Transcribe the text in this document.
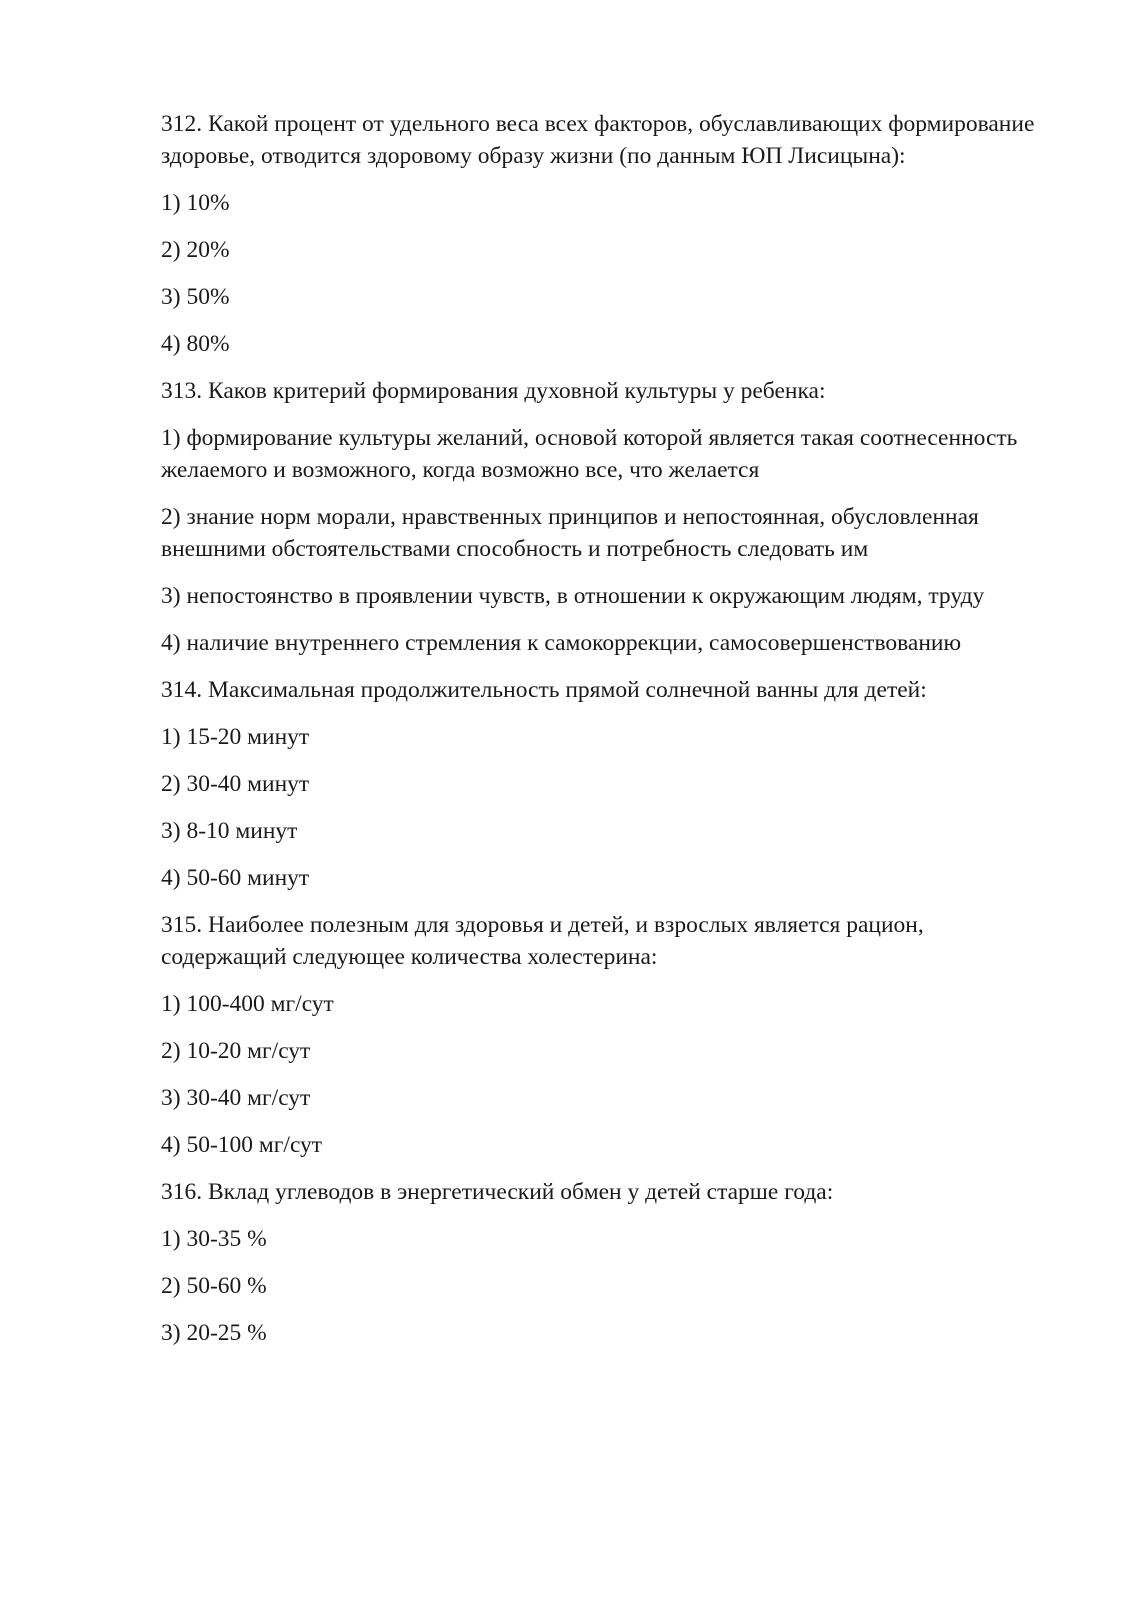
312. Какой процент от удельного веса всех факторов, обуславливающих формирование здоровье, отводится здоровому образу жизни (по данным ЮП Лисицына):

1) 10%

2) 20%

3) 50%

4) 80%

313. Каков критерий формирования духовной культуры у ребенка:

1) формирование культуры желаний, основой которой является такая соотнесенность желаемого и возможного, когда возможно все, что желается

2) знание норм морали, нравственных принципов и непостоянная, обусловленная внешними обстоятельствами способность и потребность следовать им

3) непостоянство в проявлении чувств, в отношении к окружающим людям, труду

4) наличие внутреннего стремления к самокоррекции, самосовершенствованию

314. Максимальная продолжительность прямой солнечной ванны для детей:

1) 15-20 минут

2) 30-40 минут

3) 8-10 минут

4) 50-60 минут

315. Наиболее полезным для здоровья и детей, и взрослых является рацион, содержащий следующее количества холестерина:

1) 100-400 мг/сут

2) 10-20 мг/сут

3) 30-40 мг/сут

4) 50-100 мг/сут

316. Вклад углеводов в энергетический обмен у детей старше года:

1) 30-35 %

2) 50-60 %

3) 20-25 %
